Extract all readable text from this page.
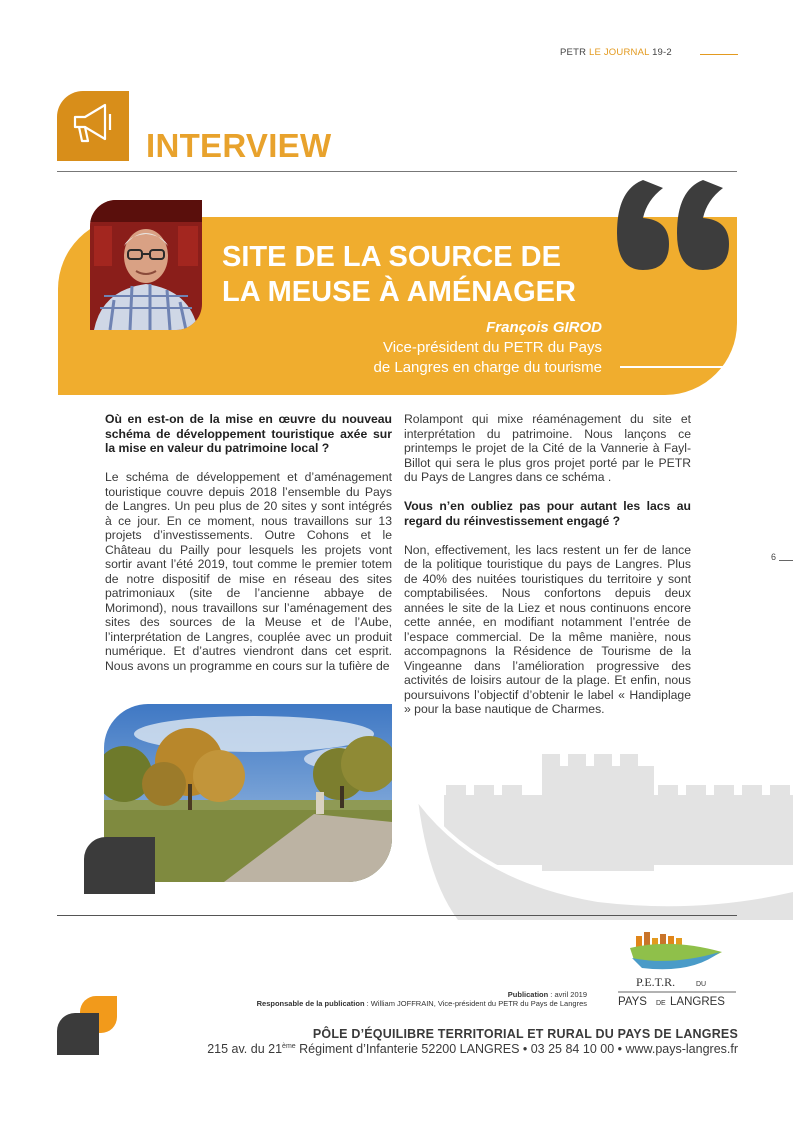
PETR LE JOURNAL 19-2
INTERVIEW
SITE DE LA SOURCE DE
LA MEUSE À AMÉNAGER
François GIROD
Vice-président du PETR du Pays
de Langres en charge du tourisme

Où en est-on de la mise en œuvre du nouveau schéma de développement touristique axée sur la mise en valeur du patrimoine local ?

Le schéma de développement et d’aménagement touristique couvre depuis 2018 l’ensemble du Pays de Langres. Un peu plus de 20 sites y sont intégrés à ce jour. En ce moment, nous travaillons sur 13 projets d’investissements. Outre Cohons et le Château du Pailly pour lesquels les projets vont sortir avant l’été 2019, tout comme le premier totem de notre dispositif de mise en réseau des sites patrimoniaux (site de l’ancienne abbaye de Morimond), nous travaillons sur l’aménagement des sites des sources de la Meuse et de l’Aube, l’interprétation de Langres, couplée avec un produit numérique. Et d’autres viendront dans cet esprit. Nous avons un programme en cours sur la tufière de

Rolampont qui mixe réaménagement du site et interprétation du patrimoine. Nous lançons ce printemps le projet de la Cité de la Vannerie à Fayl-Billot qui sera le plus gros projet porté par le PETR du Pays de Langres dans ce schéma .

Vous n’en oubliez pas pour autant les lacs au regard du réinvestissement engagé ?

Non, effectivement, les lacs restent un fer de lance de la politique touristique du pays de Langres. Plus de 40% des nuitées touristiques du territoire y sont comptabilisées. Nous confortons depuis deux années le site de la Liez et nous continuons encore cette année, en modifiant notamment l’entrée de l’espace commercial. De la même manière, nous accompagnons la Résidence de Tourisme de la Vingeanne dans l’amélioration progressive des activités de loisirs autour de la plage. Et enfin, nous poursuivons l’objectif d’obtenir le label « Handiplage » pour la base nautique de Charmes.

6
P.E.T.R.	DU
PAYS DE LANGRES
Publication : avril 2019
Responsable de la publication : William JOFFRAIN, Vice-président du PETR du Pays de Langres
PÔLE D’ÉQUILIBRE TERRITORIAL ET RURAL DU PAYS DE LANGRES
215 av. du 21ème Régiment d’Infanterie 52200 LANGRES • 03 25 84 10 00 • www.pays-langres.fr
